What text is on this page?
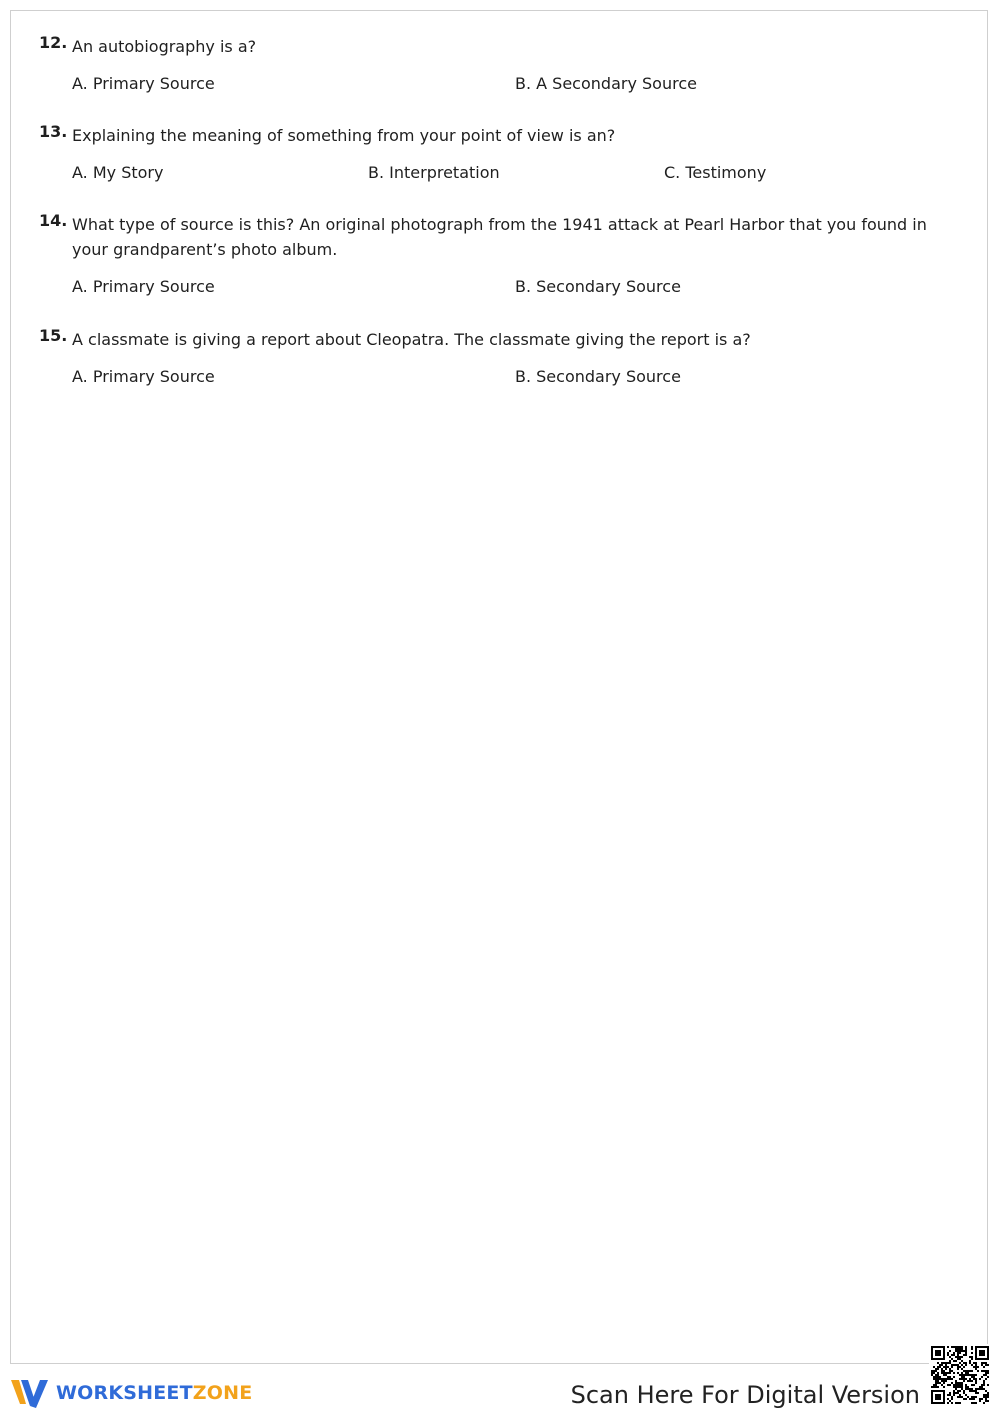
12. An autobiography is a?
A. Primary Source	B. A Secondary Source
13. Explaining the meaning of something from your point of view is an?
A. My Story	B. Interpretation	C. Testimony
14. What type of source is this? An original photograph from the 1941 attack at Pearl Harbor that you found in your grandparent’s photo album.
A. Primary Source	B. Secondary Source
15. A classmate is giving a report about Cleopatra. The classmate giving the report is a?
A. Primary Source	B. Secondary Source
WORKSHEETZONE	Scan Here For Digital Version
